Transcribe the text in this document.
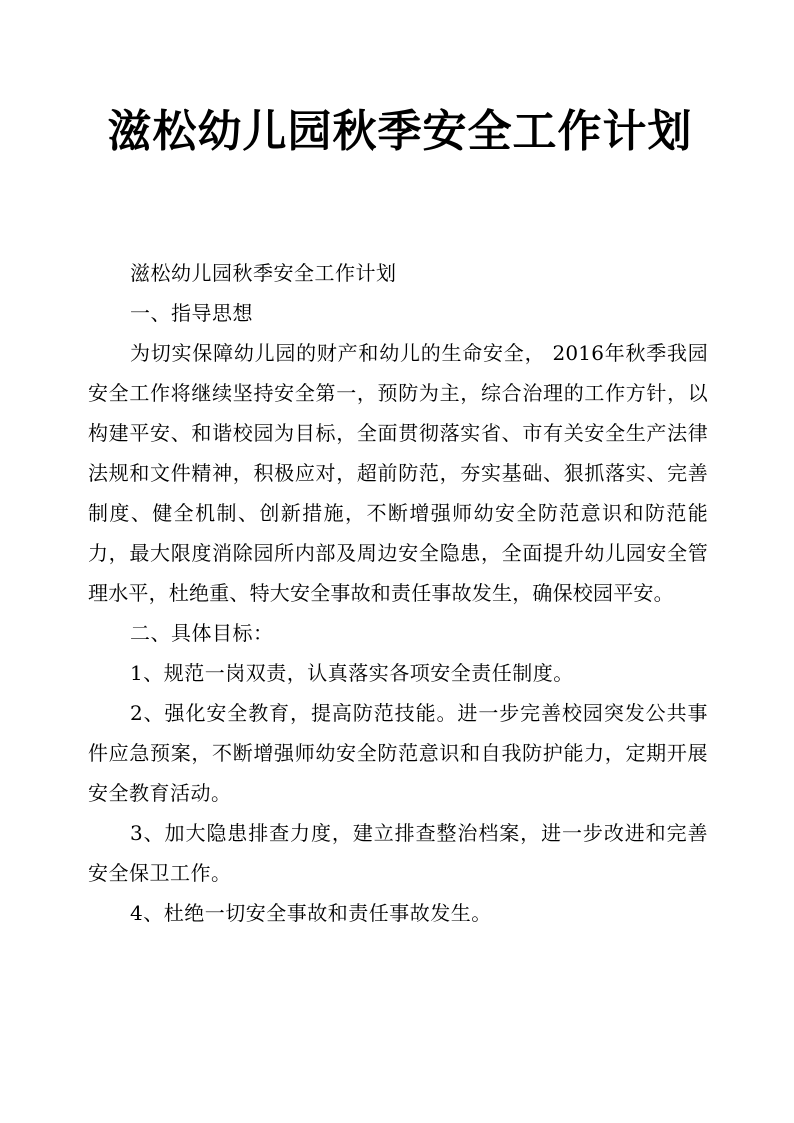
滋松幼儿园秋季安全工作计划

滋松幼儿园秋季安全工作计划

一、指导思想

为切实保障幼儿园的财产和幼儿的生命安全， 2016年秋季我园安全工作将继续坚持安全第一，预防为主，综合治理的工作方针，以构建平安、和谐校园为目标，全面贯彻落实省、市有关安全生产法律法规和文件精神，积极应对，超前防范，夯实基础、狠抓落实、完善制度、健全机制、创新措施，不断增强师幼安全防范意识和防范能力，最大限度消除园所内部及周边安全隐患，全面提升幼儿园安全管理水平，杜绝重、特大安全事故和责任事故发生，确保校园平安。

二、具体目标：

1、规范一岗双责，认真落实各项安全责任制度。

2、强化安全教育，提高防范技能。进一步完善校园突发公共事件应急预案，不断增强师幼安全防范意识和自我防护能力，定期开展安全教育活动。

3、加大隐患排查力度，建立排查整治档案，进一步改进和完善安全保卫工作。

4、杜绝一切安全事故和责任事故发生。
